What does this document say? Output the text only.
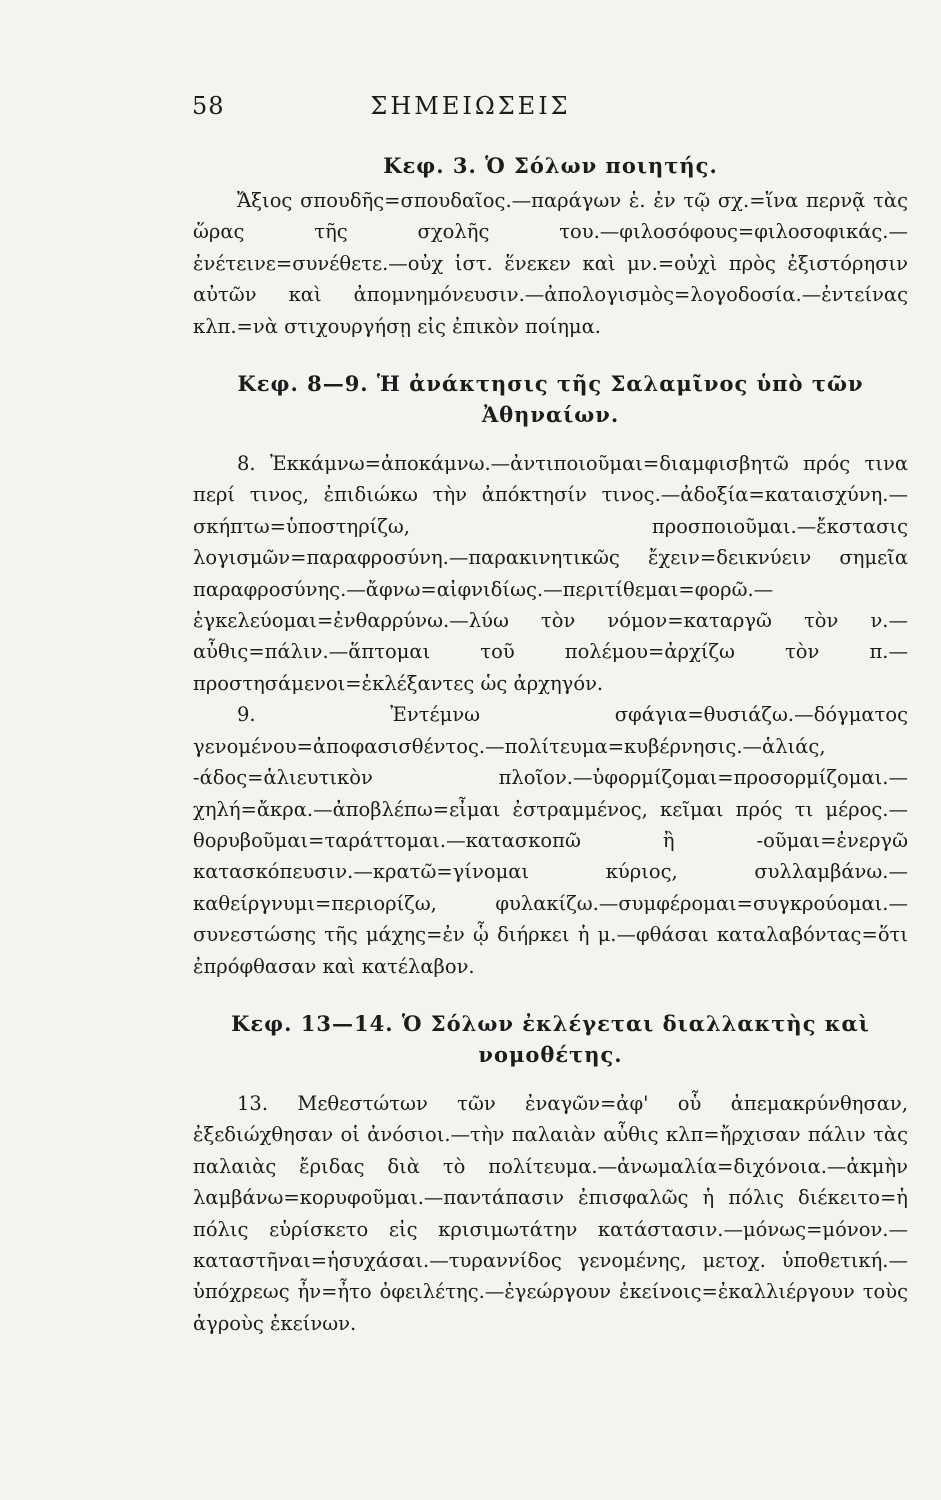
58	ΣΗΜΕΙΩΣΕΙΣ
Κεφ. 3. Ὁ Σόλων ποιητής.

Ἄξιος σπουδῆς=σπουδαῖος.—παράγων ἑ. ἐν τῷ σχ.=ἵνα περνᾷ τὰς ὥρας τῆς σχολῆς του.—φιλοσόφους=φιλοσοφικάς.—ἐνέτεινε=συνέθετε.—οὐχ ἱστ. ἕνεκεν καὶ μν.=οὐχὶ πρὸς ἐξιστόρησιν αὐτῶν καὶ ἀπομνημόνευσιν.—ἀπολογισμὸς=λογοδοσία.—ἐντείνας κλπ.=νὰ στιχουργήσῃ εἰς ἐπικὸν ποίημα.

Κεφ. 8—9. Ἡ ἀνάκτησις τῆς Σαλαμῖνος ὑπὸ τῶν Ἀθηναίων.

8. Ἐκκάμνω=ἀποκάμνω.—ἀντιποιοῦμαι=διαμφισβητῶ πρός τινα περί τινος, ἐπιδιώκω τὴν ἀπόκτησίν τινος.—ἀδοξία=καταισχύνη.—σκήπτω=ὑποστηρίζω, προσποιοῦμαι.—ἔκστασις λογισμῶν=παραφροσύνη.—παρακινητικῶς ἔχειν=δεικνύειν σημεῖα παραφροσύνης.—ἄφνω=αἰφνιδίως.—περιτίθεμαι=φορῶ.—ἐγκελεύομαι=ἐνθαρρύνω.—λύω τὸν νόμον=καταργῶ τὸν ν.—αὖθις=πάλιν.—ἅπτομαι τοῦ πολέμου=ἀρχίζω τὸν π.—προστησάμενοι=ἐκλέξαντες ὡς ἀρχηγόν.

9. Ἐντέμνω σφάγια=θυσιάζω.—δόγματος γενομένου=ἀποφασισθέντος.—πολίτευμα=κυβέρνησις.—ἁλιάς, -άδος=ἁλιευτικὸν πλοῖον.—ὑφορμίζομαι=προσορμίζομαι.—χηλή=ἄκρα.—ἀποβλέπω=εἶμαι ἐστραμμένος, κεῖμαι πρός τι μέρος.—θορυβοῦμαι=ταράττομαι.—κατασκοπῶ ἢ -οῦμαι=ἐνεργῶ κατασκόπευσιν.—κρατῶ=γίνομαι κύριος, συλλαμβάνω.—καθείργνυμι=περιορίζω, φυλακίζω.—συμφέρομαι=συγκρούομαι.—συνεστώσης τῆς μάχης=ἐν ᾧ διήρκει ἡ μ.—φθάσαι καταλαβόντας=ὅτι ἐπρόφθασαν καὶ κατέλαβον.

Κεφ. 13—14. Ὁ Σόλων ἐκλέγεται διαλλακτὴς καὶ νομοθέτης.

13. Μεθεστώτων τῶν ἐναγῶν=ἀφ' οὗ ἀπεμακρύνθησαν, ἐξεδιώχθησαν οἱ ἀνόσιοι.—τὴν παλαιὰν αὖθις κλπ=ἤρχισαν πάλιν τὰς παλαιὰς ἔριδας διὰ τὸ πολίτευμα.—ἀνωμαλία=διχόνοια.—ἀκμὴν λαμβάνω=κορυφοῦμαι.—παντάπασιν ἐπισφαλῶς ἡ πόλις διέκειτο=ἡ πόλις εὑρίσκετο εἰς κρισιμωτάτην κατάστασιν.—μόνως=μόνον.—καταστῆναι=ἡσυχάσαι.—τυραννίδος γενομένης, μετοχ. ὑποθετική.—ὑπόχρεως ἦν=ἦτο ὀφειλέτης.—ἐγεώργουν ἐκείνοις=ἐκαλλιέργουν τοὺς ἀγροὺς ἐκείνων.
